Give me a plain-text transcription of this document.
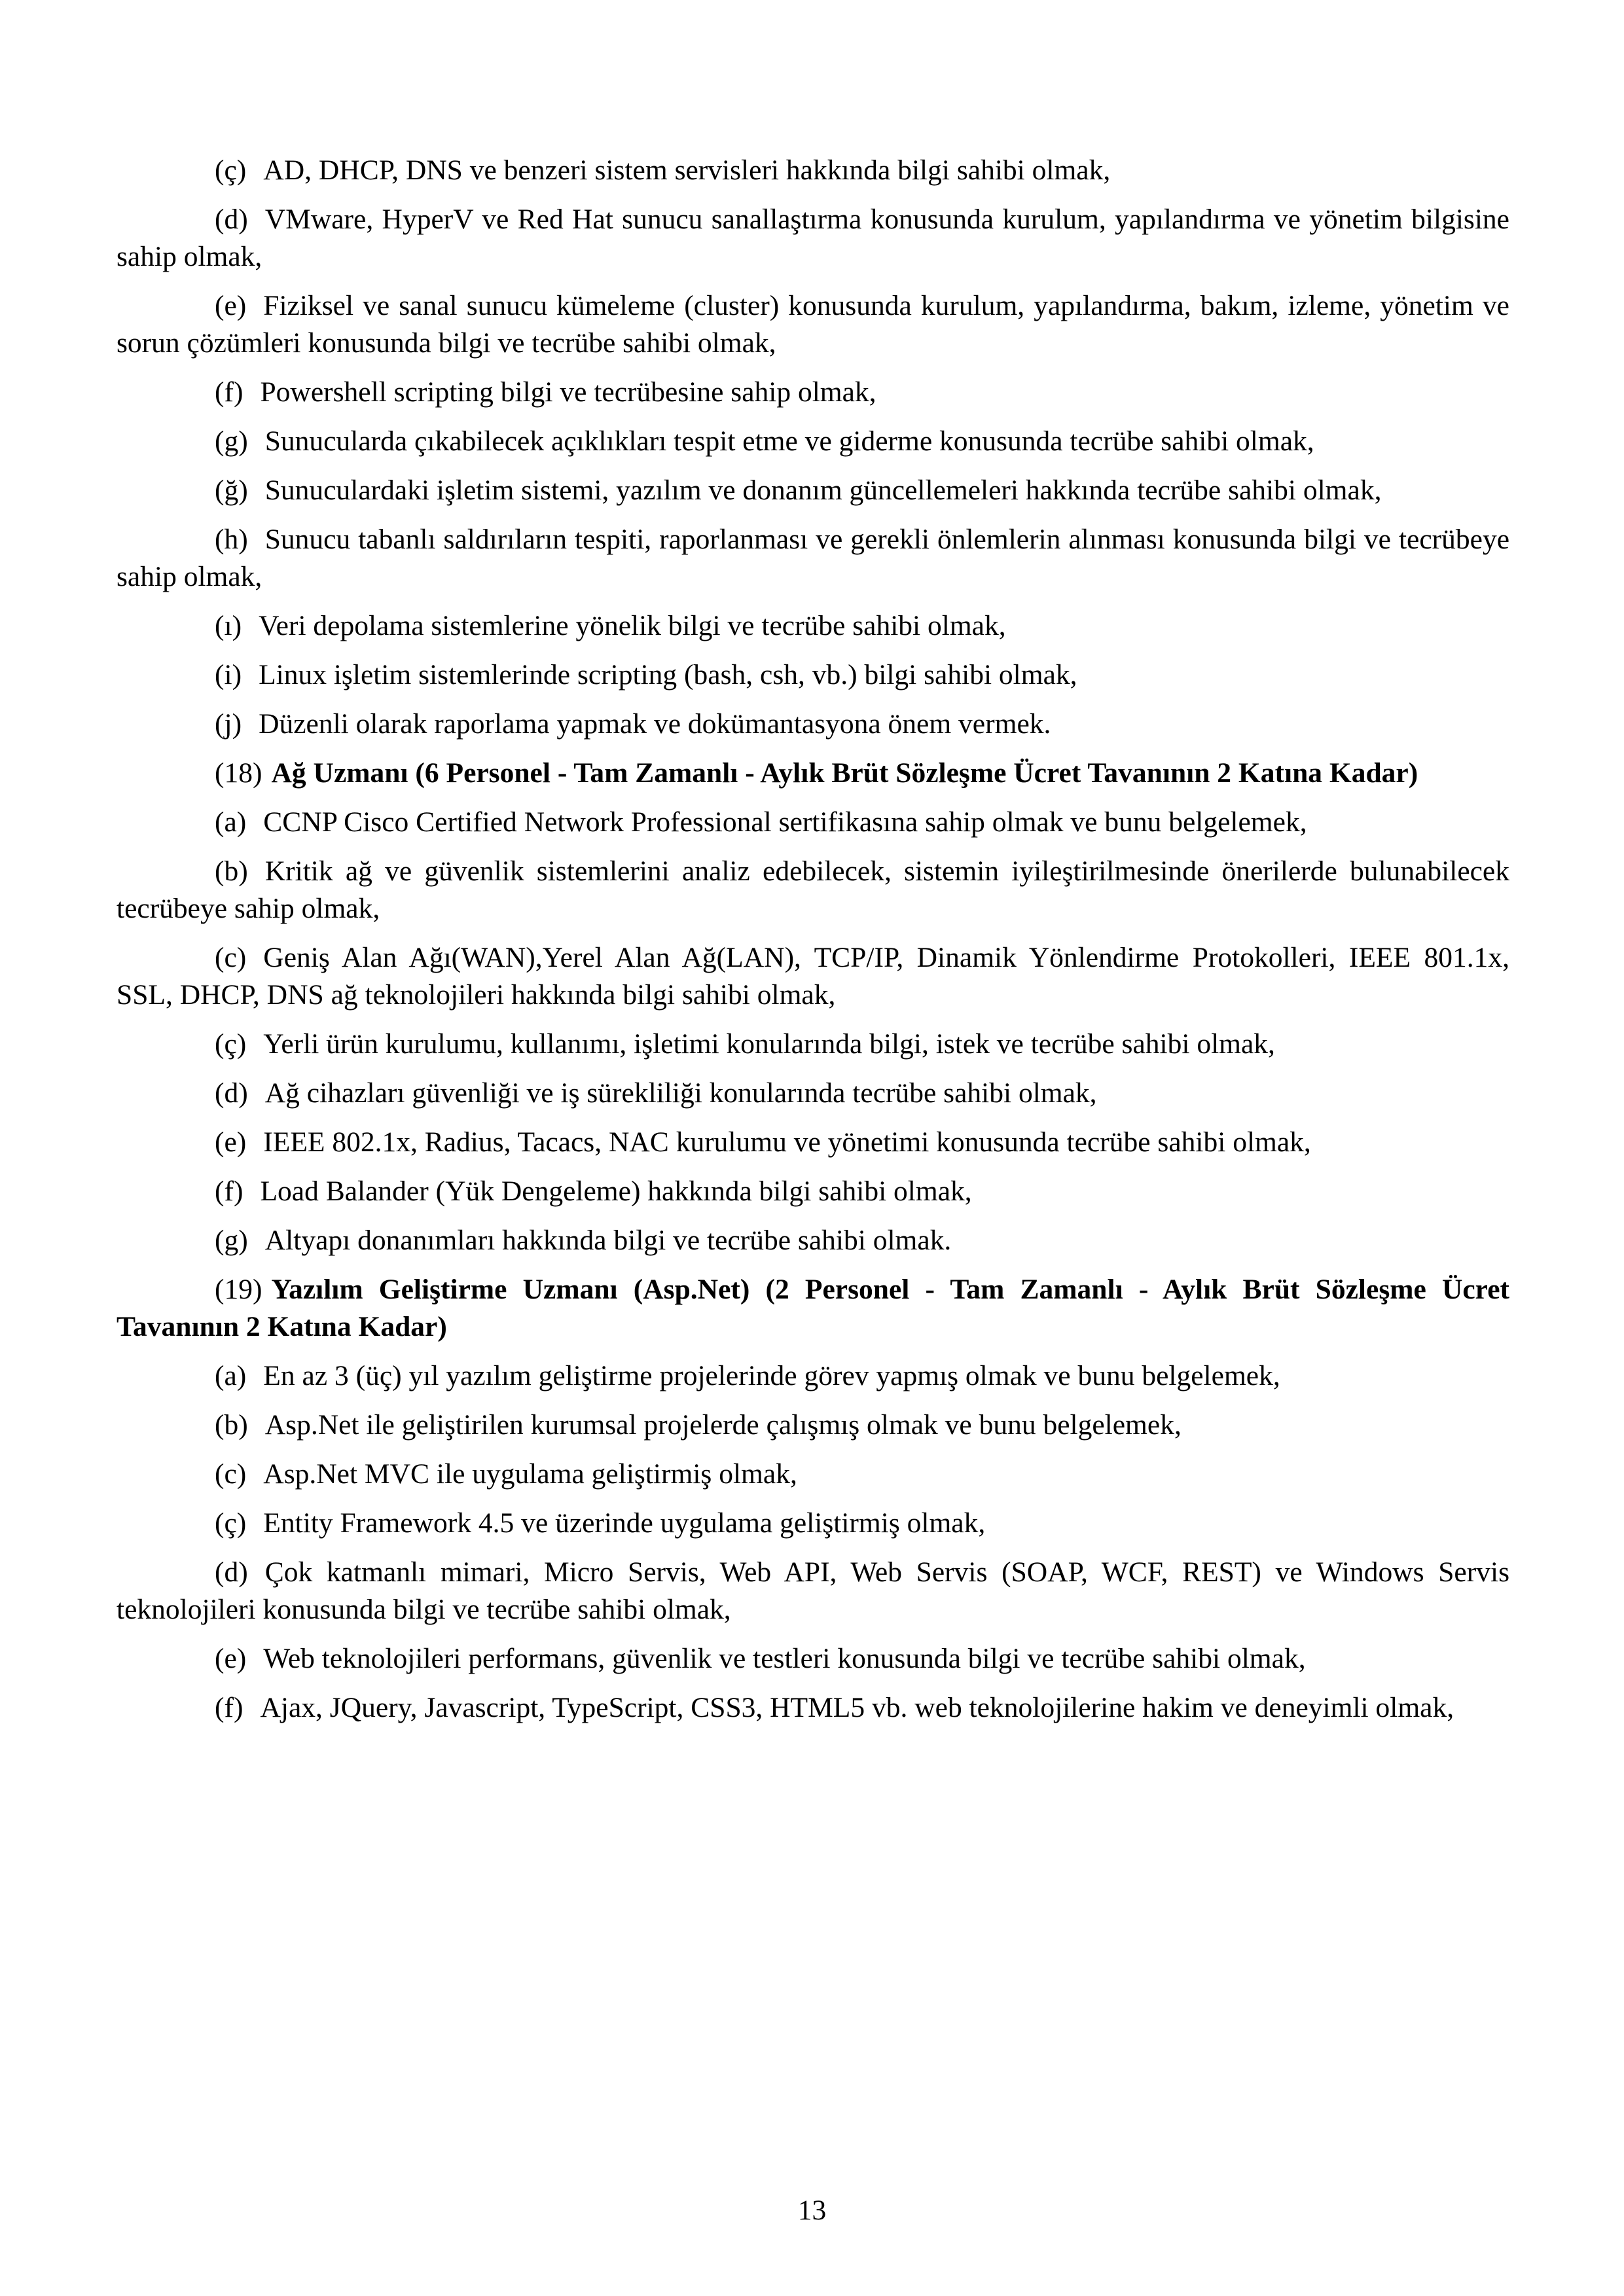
(ç) AD, DHCP, DNS ve benzeri sistem servisleri hakkında bilgi sahibi olmak,

(d) VMware, HyperV ve Red Hat sunucu sanallaştırma konusunda kurulum, yapılandırma ve yönetim bilgisine sahip olmak,

(e) Fiziksel ve sanal sunucu kümeleme (cluster) konusunda kurulum, yapılandırma, bakım, izleme, yönetim ve sorun çözümleri konusunda bilgi ve tecrübe sahibi olmak,

(f) Powershell scripting bilgi ve tecrübesine sahip olmak,

(g) Sunucularda çıkabilecek açıklıkları tespit etme ve giderme konusunda tecrübe sahibi olmak,

(ğ) Sunuculardaki işletim sistemi, yazılım ve donanım güncellemeleri hakkında tecrübe sahibi olmak,

(h) Sunucu tabanlı saldırıların tespiti, raporlanması ve gerekli önlemlerin alınması konusunda bilgi ve tecrübeye sahip olmak,

(ı) Veri depolama sistemlerine yönelik bilgi ve tecrübe sahibi olmak,

(i) Linux işletim sistemlerinde scripting (bash, csh, vb.) bilgi sahibi olmak,

(j) Düzenli olarak raporlama yapmak ve dokümantasyona önem vermek.

(18) Ağ Uzmanı (6 Personel - Tam Zamanlı - Aylık Brüt Sözleşme Ücret Tavanının 2 Katına Kadar)

(a) CCNP Cisco Certified Network Professional sertifikasına sahip olmak ve bunu belgelemek,

(b) Kritik ağ ve güvenlik sistemlerini analiz edebilecek, sistemin iyileştirilmesinde önerilerde bulunabilecek tecrübeye sahip olmak,

(c) Geniş Alan Ağı(WAN),Yerel Alan Ağ(LAN), TCP/IP, Dinamik Yönlendirme Protokolleri, IEEE 801.1x, SSL, DHCP, DNS ağ teknolojileri hakkında bilgi sahibi olmak,

(ç) Yerli ürün kurulumu, kullanımı, işletimi konularında bilgi, istek ve tecrübe sahibi olmak,

(d) Ağ cihazları güvenliği ve iş sürekliliği konularında tecrübe sahibi olmak,

(e) IEEE 802.1x, Radius, Tacacs, NAC kurulumu ve yönetimi konusunda tecrübe sahibi olmak,

(f) Load Balander (Yük Dengeleme) hakkında bilgi sahibi olmak,

(g) Altyapı donanımları hakkında bilgi ve tecrübe sahibi olmak.

(19) Yazılım Geliştirme Uzmanı (Asp.Net) (2 Personel - Tam Zamanlı - Aylık Brüt Sözleşme Ücret Tavanının 2 Katına Kadar)

(a) En az 3 (üç) yıl yazılım geliştirme projelerinde görev yapmış olmak ve bunu belgelemek,

(b) Asp.Net ile geliştirilen kurumsal projelerde çalışmış olmak ve bunu belgelemek,

(c) Asp.Net MVC ile uygulama geliştirmiş olmak,

(ç) Entity Framework 4.5 ve üzerinde uygulama geliştirmiş olmak,

(d) Çok katmanlı mimari, Micro Servis, Web API, Web Servis (SOAP, WCF, REST) ve Windows Servis teknolojileri konusunda bilgi ve tecrübe sahibi olmak,

(e) Web teknolojileri performans, güvenlik ve testleri konusunda bilgi ve tecrübe sahibi olmak,

(f) Ajax, JQuery, Javascript, TypeScript, CSS3, HTML5 vb. web teknolojilerine hakim ve deneyimli olmak,

13
